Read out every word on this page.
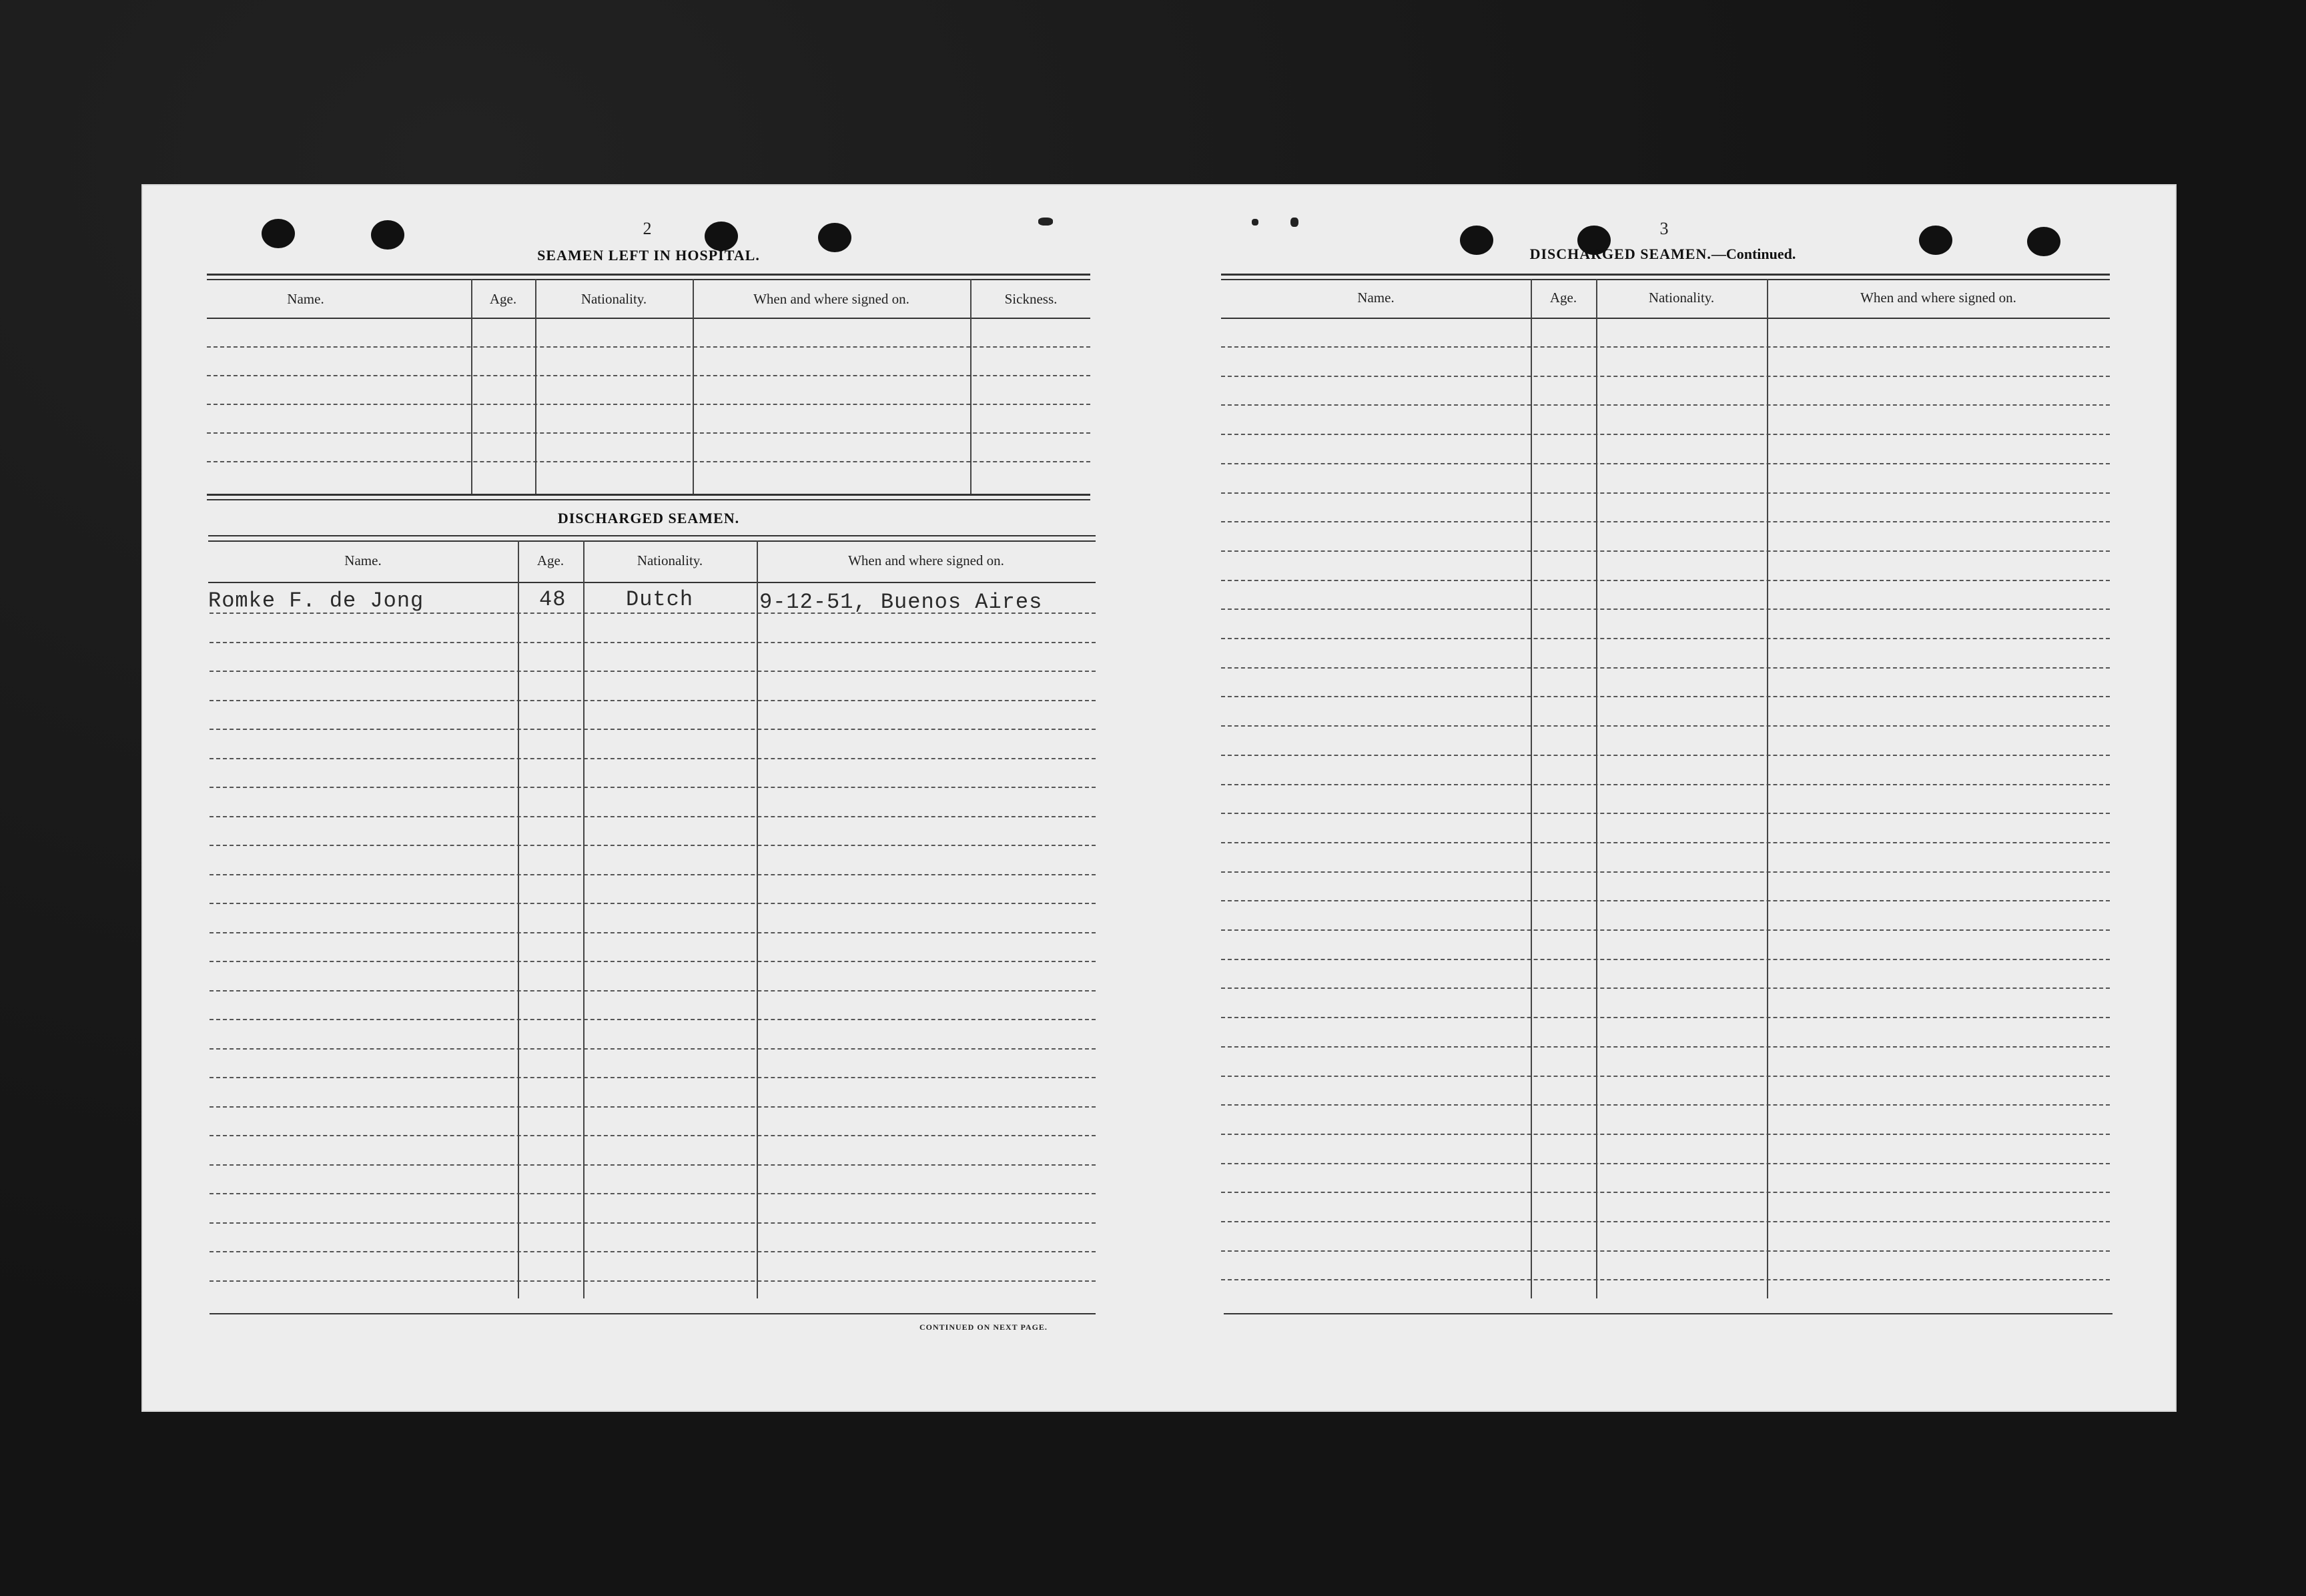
2
SEAMEN LEFT IN HOSPITAL.
Name.	Age.	Nationality.	When and where signed on.	Sickness.
DISCHARGED SEAMEN.
Name.	Age.	Nationality.	When and where signed on.
Romke F. de Jong	48	Dutch	9-12-51, Buenos Aires
CONTINUED ON NEXT PAGE.
3
DISCHARGED SEAMEN.—Continued.
Name.	Age.	Nationality.	When and where signed on.
